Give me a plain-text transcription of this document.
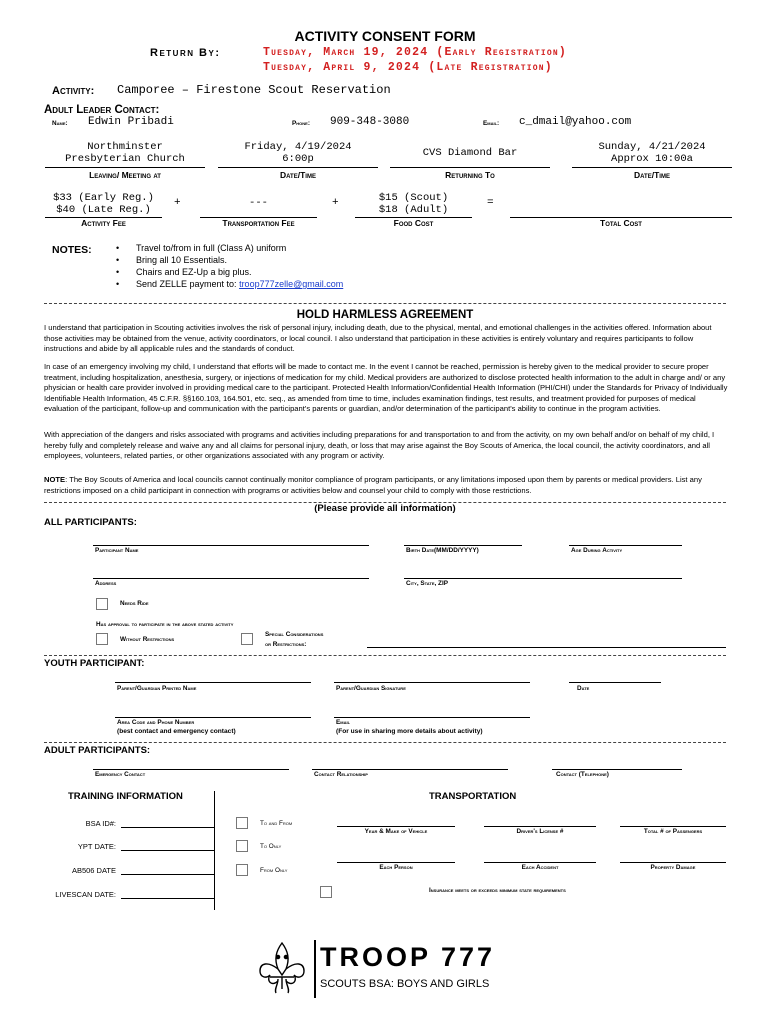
ACTIVITY CONSENT FORM
Return By:	Tuesday, March 19, 2024 (Early Registration)
Tuesday, April 9, 2024 (Late Registration)
Activity: Camporee – Firestone Scout Reservation
Adult Leader Contact:
Name: Edwin Pribadi	Phone: 909-348-3080	Email: c_dmail@yahoo.com
Northminster
Presbyterian Church
Friday, 4/19/2024
6:00p	CVS Diamond Bar	Sunday, 4/21/2024
Approx 10:00a
Leaving/ Meeting at	Date/Time	Returning To	Date/Time
$33 (Early Reg.)
$40 (Late Reg.)
+	---	+	$15 (Scout)
$18 (Adult)
=
Activity Fee	Transportation Fee	Food Cost	Total Cost
NOTES:
•	Travel to/from in full (Class A) uniform
• Bring all 10 Essentials.
• Chairs and EZ-Up a big plus.
• Send ZELLE payment to: troop777zelle@gmail.com
HOLD HARMLESS AGREEMENT
I understand that participation in Scouting activities involves the risk of personal injury, including death, due to the physical, mental, and emotional challenges in the activities offered. Information about those activities may be obtained from the venue, activity coordinators, or local council. I also understand that participation in these activities is entirely voluntary and requires participants to follow instructions and abide by all applicable rules and the standards of conduct.
In case of an emergency involving my child, I understand that efforts will be made to contact me. In the event I cannot be reached, permission is hereby given to the medical provider to secure proper treatment, including hospitalization, anesthesia, surgery, or injections of medication for my child. Medical providers are authorized to disclose protected health information to the adult in charge and/ or any physician or health care provider involved in providing medical care to the participant. Protected Health Information/Confidential Health Information (PHI/CHI) under the Standards for Privacy of Individually Identifiable Health Information, 45 C.F.R. §§160.103, 164.501, etc. seq., as amended from time to time, includes examination findings, test results, and treatment provided for purposes of medical evaluation of the participant, follow-up and communication with the participant's parents or guardian, and/or determination of the participant's ability to continue in the program activities.
With appreciation of the dangers and risks associated with programs and activities including preparations for and transportation to and from the activity, on my own behalf and/or on behalf of my child, I hereby fully and completely release and waive any and all claims for personal injury, death, or loss that may arise against the Boy Scouts of America, the local council, the activity coordinators, and all employees, volunteers, related parties, or other organizations associated with any program or activity.
NOTE: The Boy Scouts of America and local councils cannot continually monitor compliance of program participants, or any limitations imposed upon them by parents or medical providers. List any restrictions imposed on a child participant in connection with programs or activities below and counsel your child to comply with those restrictions.
(Please provide all information)
ALL PARTICIPANTS:
Participant Name	Birth Date(MM/DD/YYYY)	Age During Activity
Address	City, State, ZIP
Needs Ride
Has approval to participate in the above stated activity
Without Restrictions
Special Considerations
or Restrictions:
YOUTH PARTICIPANT:
Parent/Guardian Printed Name	Parent/Guardian Signature	Date
Area Code and Phone Number
(best contact and emergency contact)
Email
(For use in sharing more details about activity)
ADULT PARTICIPANTS:
Emergency Contact	Contact Relationship	Contact (Telephone)
TRAINING INFORMATION
BSA ID#:
YPT DATE:
AB506 DATE
LIVESCAN DATE:
TRANSPORTATION
To and From
To Only
From Only
Year & Make of Vehicle	Driver's License #	Total # of Passengers
Each Person	Each Accident	Property Damage
Insurance meets or exceeds minimum state requirements
TROOP 777
SCOUTS BSA: BOYS AND GIRLS
